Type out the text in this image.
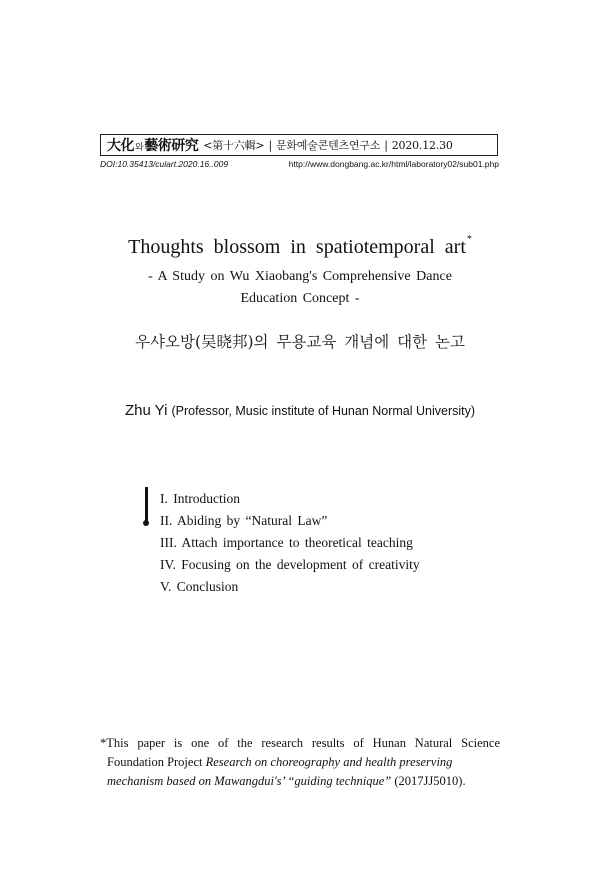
大化와藝術研究 <第十六輯> | 문화예술콘텐츠연구소 | 2020.12.30
DOI:10.35413/culart.2020.16..009	http://www.dongbang.ac.kr/html/laboratory02/sub01.php
Thoughts blossom in spatiotemporal art*
- A Study on Wu Xiaobang's Comprehensive Dance
Education Concept -
우샤오방(吴晓邦)의 무용교육 개념에 대한 논고
Zhu Yi (Professor, Music institute of Hunan Normal University)
I. Introduction
II. Abiding by “Natural Law”
III. Attach importance to theoretical teaching
IV. Focusing on the development of creativity
V. Conclusion
*This paper is one of the research results of Hunan Natural Science
Foundation Project Research on choreography and health preserving
mechanism based on Mawangdui's’ “guiding technique” (2017JJ5010).
